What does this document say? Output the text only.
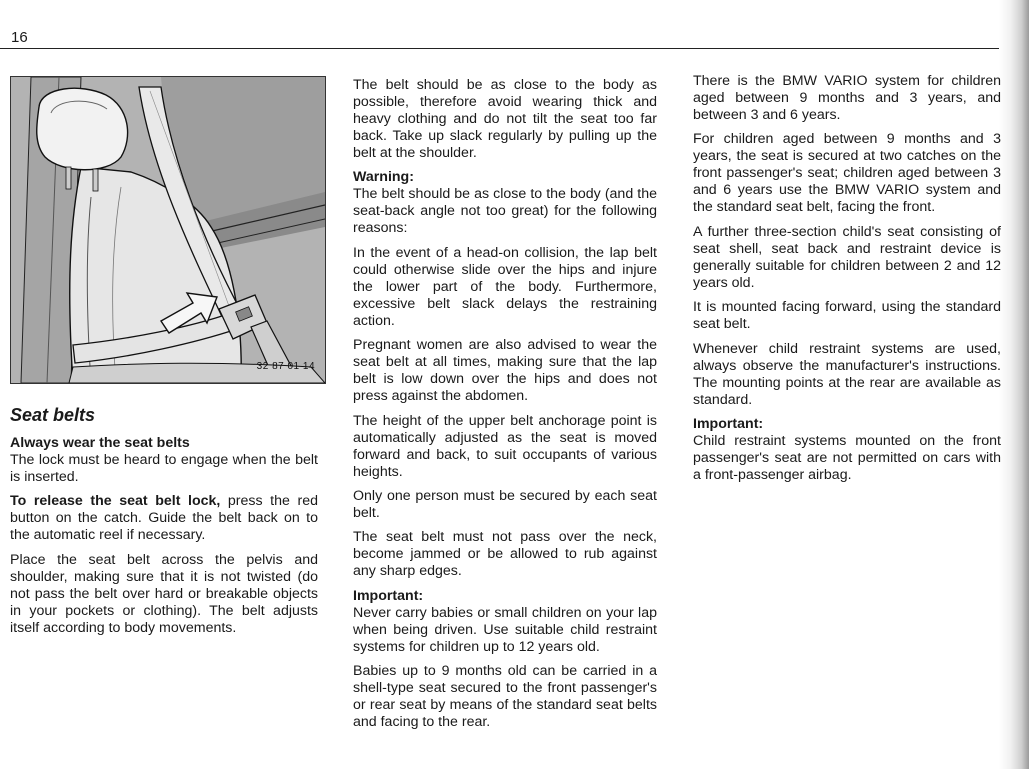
16
32 87 01 14
Seat belts

Always wear the seat belts
The lock must be heard to engage when the belt is inserted.

To release the seat belt lock, press the red button on the catch. Guide the belt back on to the automatic reel if necessary.

Place the seat belt across the pelvis and shoulder, making sure that it is not twisted (do not pass the belt over hard or breakable objects in your pockets or clothing). The belt adjusts itself according to body movements.

The belt should be as close to the body as possible, therefore avoid wearing thick and heavy clothing and do not tilt the seat too far back. Take up slack regularly by pulling up the belt at the shoulder.

Warning:
The belt should be as close to the body (and the seat-back angle not too great) for the following reasons:

In the event of a head-on collision, the lap belt could otherwise slide over the hips and injure the lower part of the body. Furthermore, excessive belt slack delays the restraining action.

Pregnant women are also advised to wear the seat belt at all times, making sure that the lap belt is low down over the hips and does not press against the abdomen.

The height of the upper belt anchorage point is automatically adjusted as the seat is moved forward and back, to suit occupants of various heights.

Only one person must be secured by each seat belt.

The seat belt must not pass over the neck, become jammed or be allowed to rub against any sharp edges.

Important:
Never carry babies or small children on your lap when being driven. Use suitable child restraint systems for children up to 12 years old.

Babies up to 9 months old can be carried in a shell-type seat secured to the front passenger's or rear seat by means of the standard seat belts and facing to the rear.

There is the BMW VARIO system for children aged between 9 months and 3 years, and between 3 and 6 years.

For children aged between 9 months and 3 years, the seat is secured at two catches on the front passenger's seat; children aged between 3 and 6 years use the BMW VARIO system and the standard seat belt, facing the front.

A further three-section child's seat consisting of seat shell, seat back and restraint device is generally suitable for children between 2 and 12 years old.

It is mounted facing forward, using the standard seat belt.

Whenever child restraint systems are used, always observe the manufacturer's instructions. The mounting points at the rear are available as standard.

Important:
Child restraint systems mounted on the front passenger's seat are not permitted on cars with a front-passenger airbag.
